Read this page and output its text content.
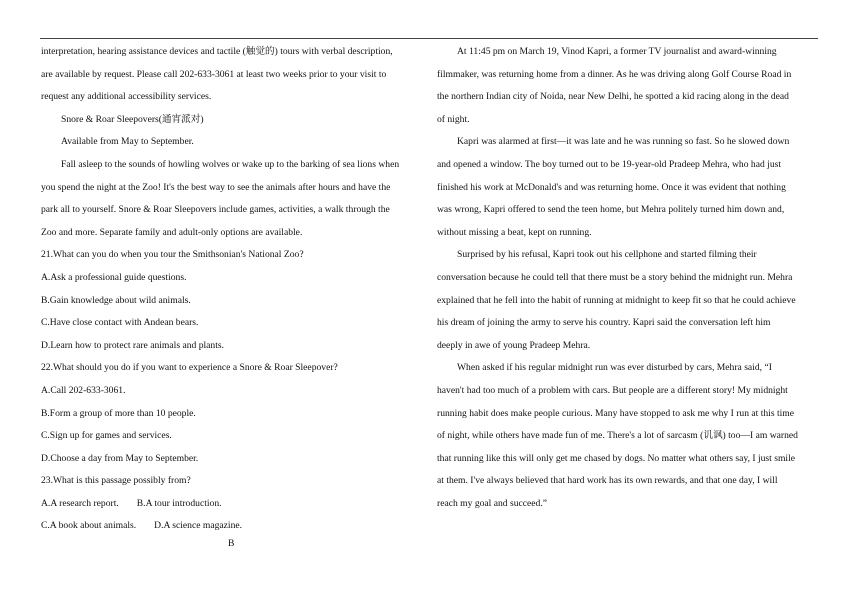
interpretation, hearing assistance devices and tactile (触觉的) tours with verbal description,
are available by request. Please call 202-633-3061 at least two weeks prior to your visit to
request any additional accessibility services.
Snore & Roar Sleepovers(通宵派对)
Available from May to September.
Fall asleep to the sounds of howling wolves or wake up to the barking of sea lions when
you spend the night at the Zoo! It's the best way to see the animals after hours and have the
park all to yourself. Snore & Roar Sleepovers include games, activities, a walk through the
Zoo and more. Separate family and adult-only options are available.
21.What can you do when you tour the Smithsonian's National Zoo?
A.Ask a professional guide questions.
B.Gain knowledge about wild animals.
C.Have close contact with Andean bears.
D.Learn how to protect rare animals and plants.
22.What should you do if you want to experience a Snore & Roar Sleepover?
A.Call 202-633-3061.
B.Form a group of more than 10 people.
C.Sign up for games and services.
D.Choose a day from May to September.
23.What is this passage possibly from?
A.A research report. B.A tour introduction.
C.A book about animals. D.A science magazine.
At 11:45 pm on March 19, Vinod Kapri, a former TV journalist and award-winning
filmmaker, was returning home from a dinner. As he was driving along Golf Course Road in
the northern Indian city of Noida, near New Delhi, he spotted a kid racing along in the dead
of night.
Kapri was alarmed at first—it was late and he was running so fast. So he slowed down
and opened a window. The boy turned out to be 19-year-old Pradeep Mehra, who had just
finished his work at McDonald's and was returning home. Once it was evident that nothing
was wrong, Kapri offered to send the teen home, but Mehra politely turned him down and,
without missing a beat, kept on running.
Surprised by his refusal, Kapri took out his cellphone and started filming their
conversation because he could tell that there must be a story behind the midnight run. Mehra
explained that he fell into the habit of running at midnight to keep fit so that he could achieve
his dream of joining the army to serve his country. Kapri said the conversation left him
deeply in awe of young Pradeep Mehra.
When asked if his regular midnight run was ever disturbed by cars, Mehra said, “I
haven't had too much of a problem with cars. But people are a different story! My midnight
running habit does make people curious. Many have stopped to ask me why I run at this time
of night, while others have made fun of me. There's a lot of sarcasm (讥讽) too—I am warned
that running like this will only get me chased by dogs. No matter what others say, I just smile
at them. I've always believed that hard work has its own rewards, and that one day, I will
reach my goal and succeed.”
B
